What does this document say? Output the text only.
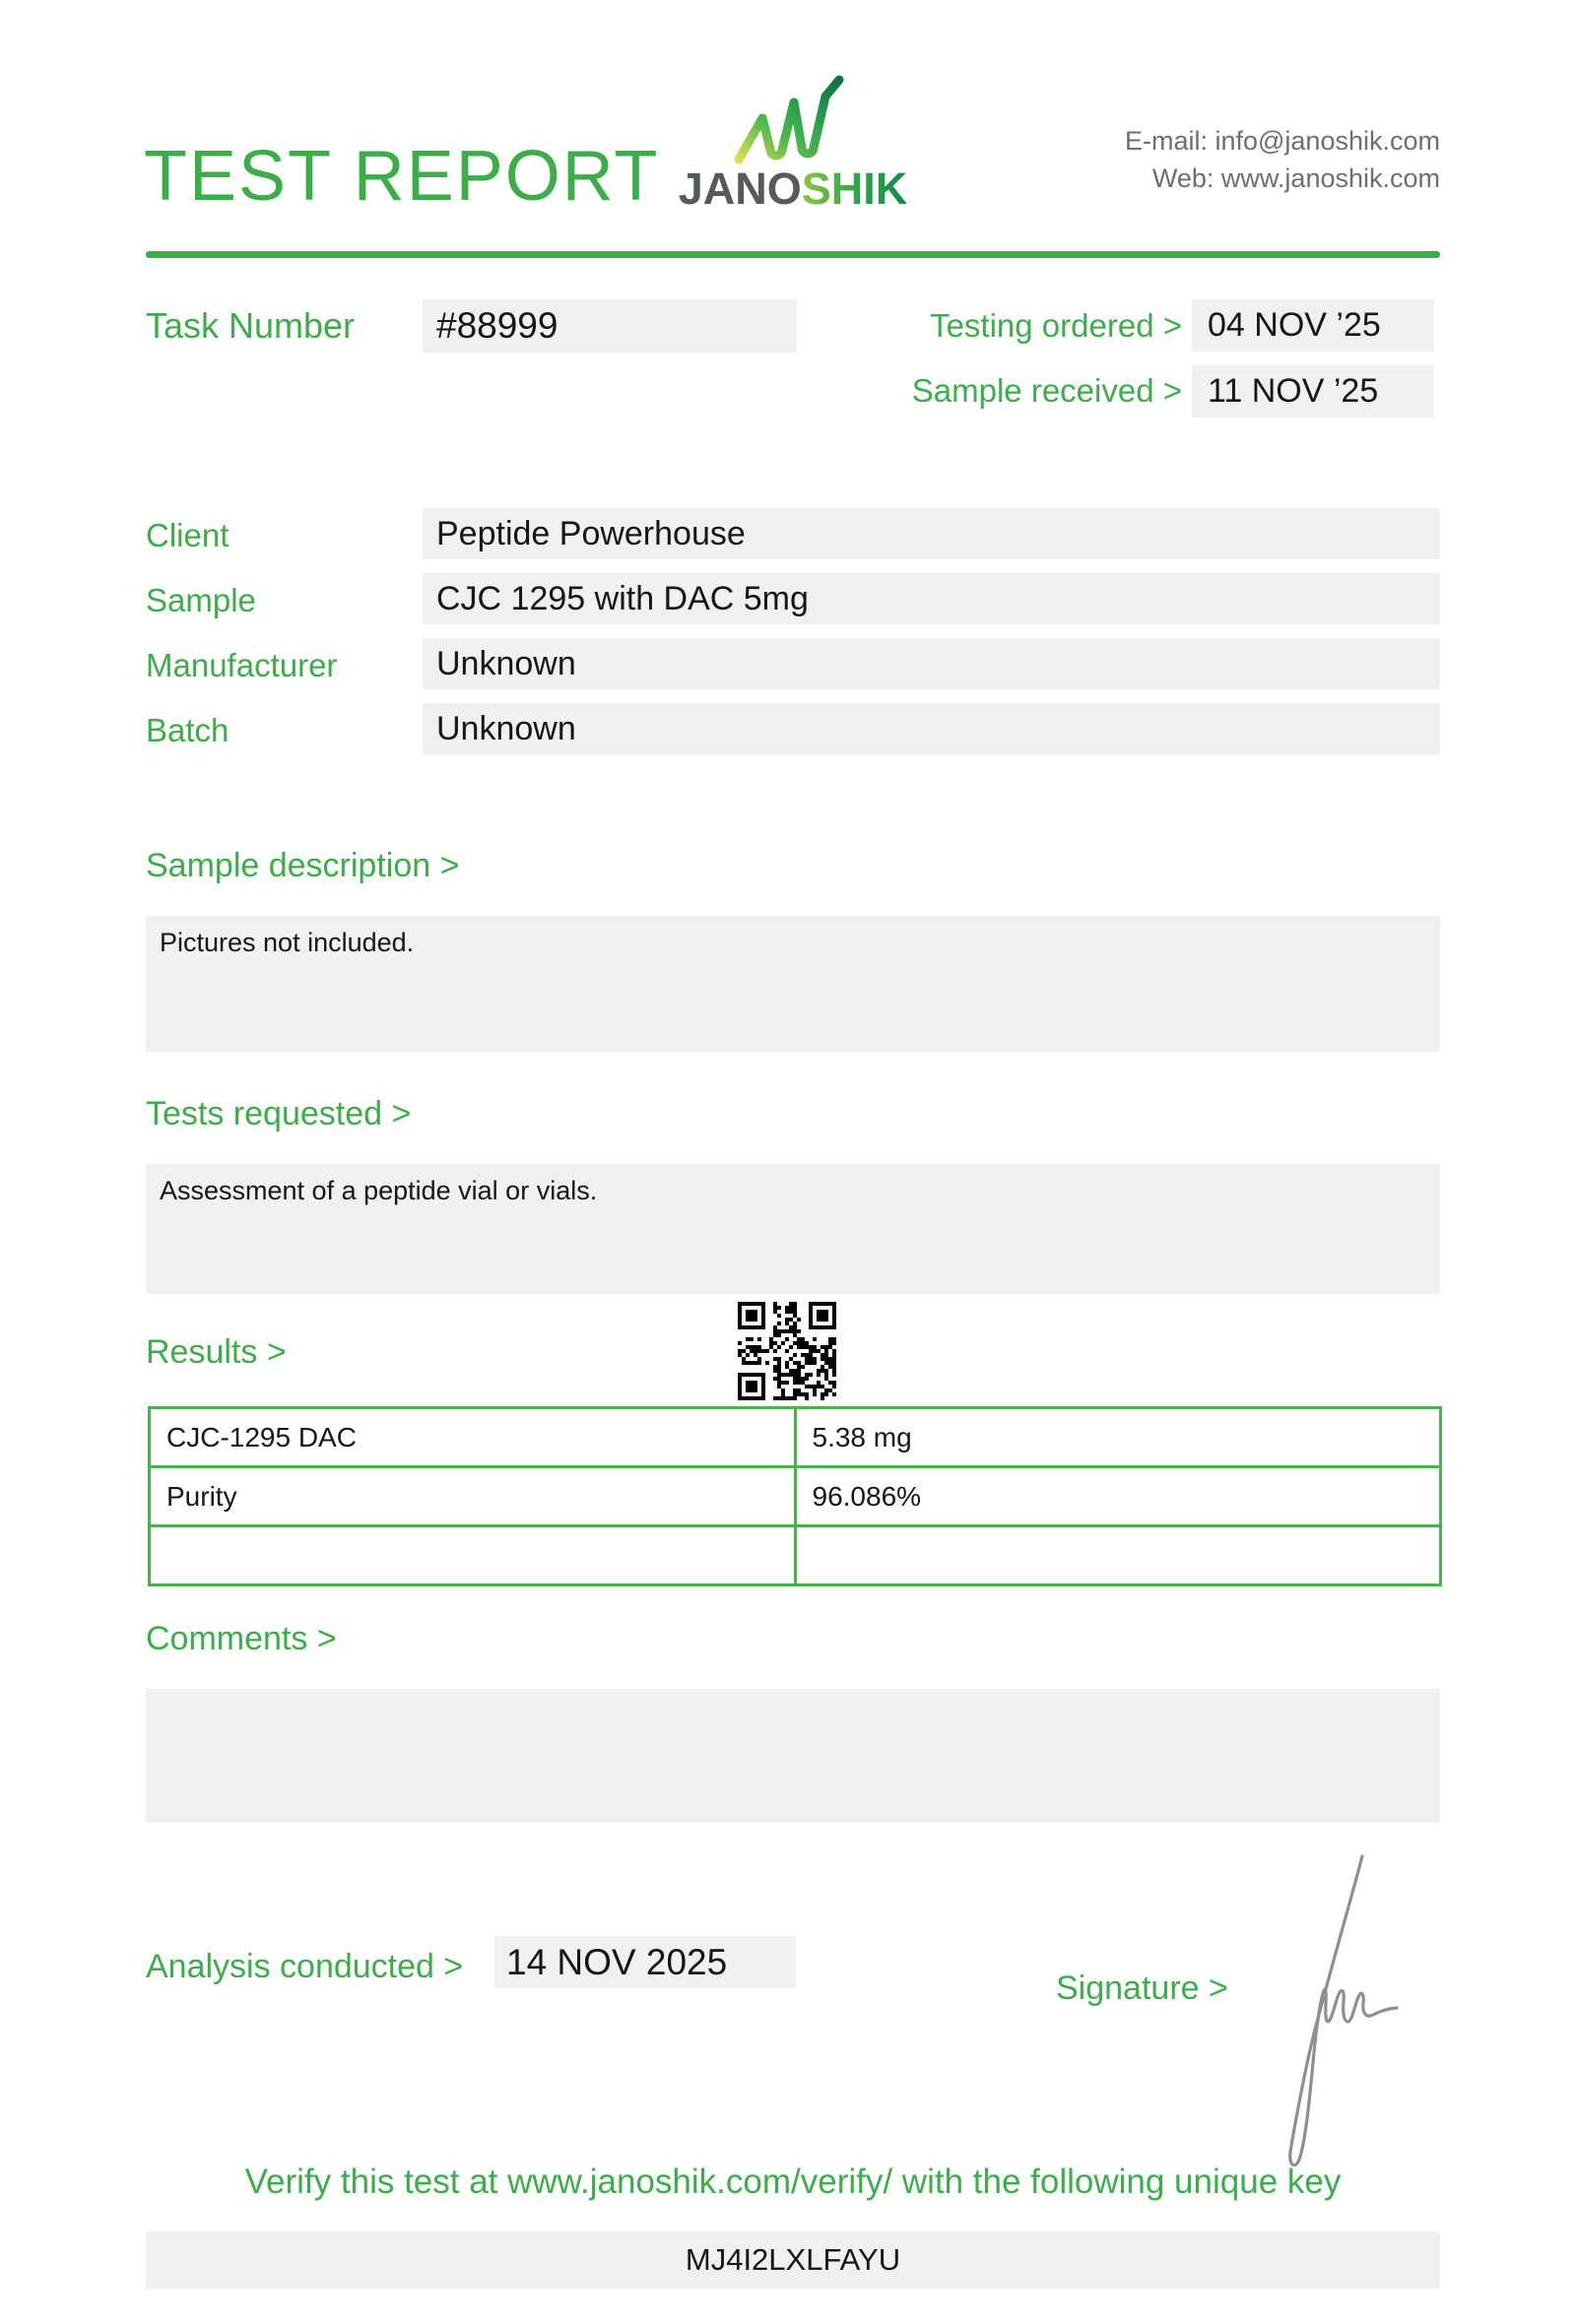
TEST REPORT JANOSHIK
E-mail: info@janoshik.com
Web: www.janoshik.com
Task Number	#88999	Testing ordered > 04 NOV ’25
Sample received > 11 NOV ’25
Client	Peptide Powerhouse
Sample	CJC 1295 with DAC 5mg
Manufacturer	Unknown
Batch	Unknown
Sample description >
Pictures not included.
Tests requested >
Assessment of a peptide vial or vials.
Results >
CJC-1295 DAC	5.38 mg
Purity	96.086%

Comments >
Analysis conducted >	14 NOV 2025
Signature >
Verify this test at www.janoshik.com/verify/ with the following unique key
MJ4I2LXLFAYU
